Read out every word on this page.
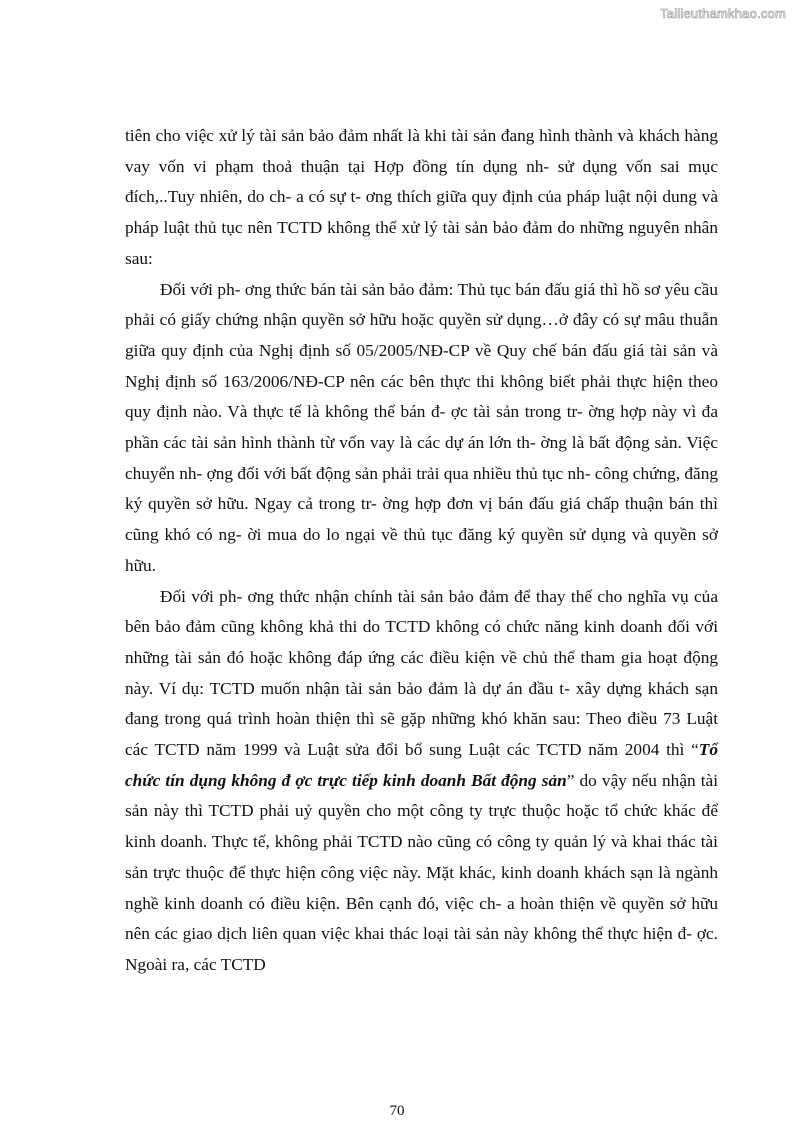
Tailieuthamkhao.com

tiên cho việc xử lý tài sản bảo đảm nhất là khi tài sản đang hình thành và khách hàng vay vốn vi phạm thoả thuận tại Hợp đồng tín dụng nh- sử dụng vốn sai mục đích,..Tuy nhiên, do ch- a có sự t- ơng thích giữa quy định của pháp luật nội dung và pháp luật thủ tục nên TCTD không thể xử lý tài sản bảo đảm do những nguyên nhân sau:

Đối với ph- ơng thức bán tài sản bảo đảm: Thủ tục bán đấu giá thì hồ sơ yêu cầu phải có giấy chứng nhận quyền sở hữu hoặc quyền sử dụng…ở đây có sự mâu thuẫn giữa quy định của Nghị định số 05/2005/NĐ-CP về Quy chế bán đấu giá tài sản và Nghị định số 163/2006/NĐ-CP nên các bên thực thi không biết phải thực hiện theo quy định nào. Và thực tế là không thể bán đ- ợc tài sản trong tr- ờng hợp này vì đa phần các tài sản hình thành từ vốn vay là các dự án lớn th- ờng là bất động sản. Việc chuyển nh- ợng đối với bất động sản phải trải qua nhiều thủ tục nh- công chứng, đăng ký quyền sở hữu. Ngay cả trong tr- ờng hợp đơn vị bán đấu giá chấp thuận bán thì cũng khó có ng- ời mua do lo ngại về thủ tục đăng ký quyền sử dụng và quyền sở hữu.

Đối với ph- ơng thức nhận chính tài sản bảo đảm để thay thế cho nghĩa vụ của bên bảo đảm cũng không khả thi do TCTD không có chức năng kinh doanh đối với những tài sản đó hoặc không đáp ứng các điều kiện về chủ thể tham gia hoạt động này. Ví dụ: TCTD muốn nhận tài sản bảo đảm là dự án đầu t- xây dựng khách sạn đang trong quá trình hoàn thiện thì sẽ gặp những khó khăn sau: Theo điều 73 Luật các TCTD năm 1999 và Luật sửa đổi bổ sung Luật các TCTD năm 2004 thì “Tổ chức tín dụng không đ ợc trực tiếp kinh doanh Bất động sản” do vậy nếu nhận tài sản này thì TCTD phải uỷ quyền cho một công ty trực thuộc hoặc tổ chức khác để kinh doanh. Thực tế, không phải TCTD nào cũng có công ty quản lý và khai thác tài sản trực thuộc để thực hiện công việc này. Mặt khác, kinh doanh khách sạn là ngành nghề kinh doanh có điều kiện. Bên cạnh đó, việc ch- a hoàn thiện về quyền sở hữu nên các giao dịch liên quan việc khai thác loại tài sản này không thể thực hiện đ- ợc. Ngoài ra, các TCTD

70
